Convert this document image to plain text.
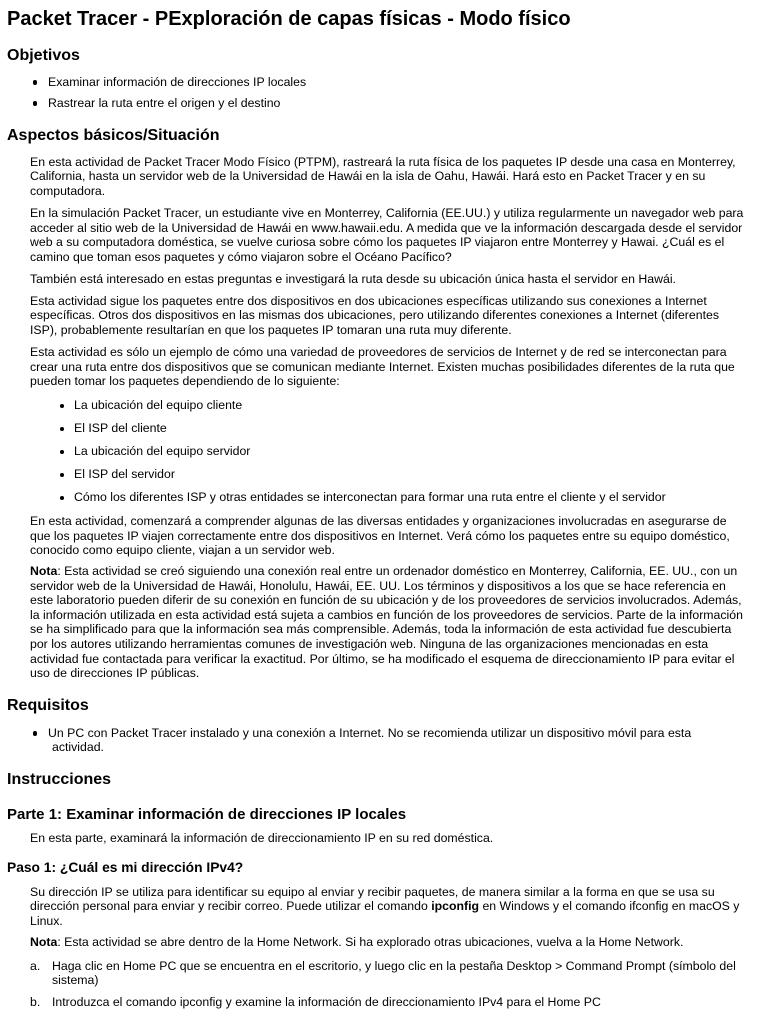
Packet Tracer - PExploración de capas físicas - Modo físico
Objetivos
Examinar información de direcciones IP locales
Rastrear la ruta entre el origen y el destino
Aspectos básicos/Situación

En esta actividad de Packet Tracer Modo Físico (PTPM), rastreará la ruta física de los paquetes IP desde una casa en Monterrey, California, hasta un servidor web de la Universidad de Hawái en la isla de Oahu, Hawái. Hará esto en Packet Tracer y en su computadora.

En la simulación Packet Tracer, un estudiante vive en Monterrey, California (EE.UU.) y utiliza regularmente un navegador web para acceder al sitio web de la Universidad de Hawái en www.hawaii.edu. A medida que ve la información descargada desde el servidor web a su computadora doméstica, se vuelve curiosa sobre cómo los paquetes IP viajaron entre Monterrey y Hawai. ¿Cuál es el camino que toman esos paquetes y cómo viajaron sobre el Océano Pacífico?

También está interesado en estas preguntas e investigará la ruta desde su ubicación única hasta el servidor en Hawái.

Esta actividad sigue los paquetes entre dos dispositivos en dos ubicaciones específicas utilizando sus conexiones a Internet específicas. Otros dos dispositivos en las mismas dos ubicaciones, pero utilizando diferentes conexiones a Internet (diferentes ISP), probablemente resultarían en que los paquetes IP tomaran una ruta muy diferente.

Esta actividad es sólo un ejemplo de cómo una variedad de proveedores de servicios de Internet y de red se interconectan para crear una ruta entre dos dispositivos que se comunican mediante Internet. Existen muchas posibilidades diferentes de la ruta que pueden tomar los paquetes dependiendo de lo siguiente:

La ubicación del equipo cliente
El ISP del cliente
La ubicación del equipo servidor
El ISP del servidor
Cómo los diferentes ISP y otras entidades se interconectan para formar una ruta entre el cliente y el servidor

En esta actividad, comenzará a comprender algunas de las diversas entidades y organizaciones involucradas en asegurarse de que los paquetes IP viajen correctamente entre dos dispositivos en Internet. Verá cómo los paquetes entre su equipo doméstico, conocido como equipo cliente, viajan a un servidor web.

Nota: Esta actividad se creó siguiendo una conexión real entre un ordenador doméstico en Monterrey, California, EE. UU., con un servidor web de la Universidad de Hawái, Honolulu, Hawái, EE. UU. Los términos y dispositivos a los que se hace referencia en este laboratorio pueden diferir de su conexión en función de su ubicación y de los proveedores de servicios involucrados. Además, la información utilizada en esta actividad está sujeta a cambios en función de los proveedores de servicios. Parte de la información se ha simplificado para que la información sea más comprensible. Además, toda la información de esta actividad fue descubierta por los autores utilizando herramientas comunes de investigación web. Ninguna de las organizaciones mencionadas en esta actividad fue contactada para verificar la exactitud. Por último, se ha modificado el esquema de direccionamiento IP para evitar el uso de direcciones IP públicas.

Requisitos
Un PC con Packet Tracer instalado y una conexión a Internet. No se recomienda utilizar un dispositivo móvil para esta actividad.
Instrucciones
Parte 1: Examinar información de direcciones IP locales

En esta parte, examinará la información de direccionamiento IP en su red doméstica.

Paso 1: ¿Cuál es mi dirección IPv4?

Su dirección IP se utiliza para identificar su equipo al enviar y recibir paquetes, de manera similar a la forma en que se usa su dirección personal para enviar y recibir correo. Puede utilizar el comando ipconfig en Windows y el comando ifconfig en macOS y Linux.

Nota: Esta actividad se abre dentro de la Home Network. Si ha explorado otras ubicaciones, vuelva a la Home Network.

a. Haga clic en Home PC que se encuentra en el escritorio, y luego clic en la pestaña Desktop > Command Prompt (símbolo del sistema)
b. Introduzca el comando ipconfig y examine la información de direccionamiento IPv4 para el Home PC
